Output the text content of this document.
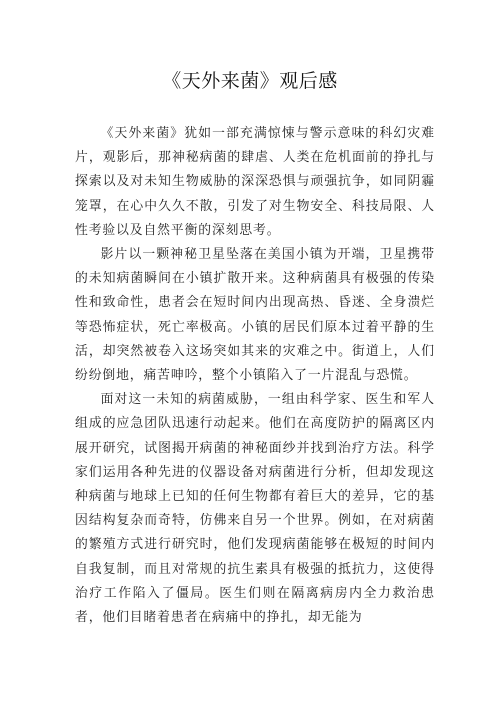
《天外来菌》观后感

《天外来菌》犹如一部充满惊悚与警示意味的科幻灾难片，观影后，那神秘病菌的肆虐、人类在危机面前的挣扎与探索以及对未知生物威胁的深深恐惧与顽强抗争，如同阴霾笼罩，在心中久久不散，引发了对生物安全、科技局限、人性考验以及自然平衡的深刻思考。

影片以一颗神秘卫星坠落在美国小镇为开端，卫星携带的未知病菌瞬间在小镇扩散开来。这种病菌具有极强的传染性和致命性，患者会在短时间内出现高热、昏迷、全身溃烂等恐怖症状，死亡率极高。小镇的居民们原本过着平静的生活，却突然被卷入这场突如其来的灾难之中。街道上，人们纷纷倒地，痛苦呻吟，整个小镇陷入了一片混乱与恐慌。

面对这一未知的病菌威胁，一组由科学家、医生和军人组成的应急团队迅速行动起来。他们在高度防护的隔离区内展开研究，试图揭开病菌的神秘面纱并找到治疗方法。科学家们运用各种先进的仪器设备对病菌进行分析，但却发现这种病菌与地球上已知的任何生物都有着巨大的差异，它的基因结构复杂而奇特，仿佛来自另一个世界。例如，在对病菌的繁殖方式进行研究时，他们发现病菌能够在极短的时间内自我复制，而且对常规的抗生素具有极强的抵抗力，这使得治疗工作陷入了僵局。医生们则在隔离病房内全力救治患者，他们目睹着患者在病痛中的挣扎，却无能为
